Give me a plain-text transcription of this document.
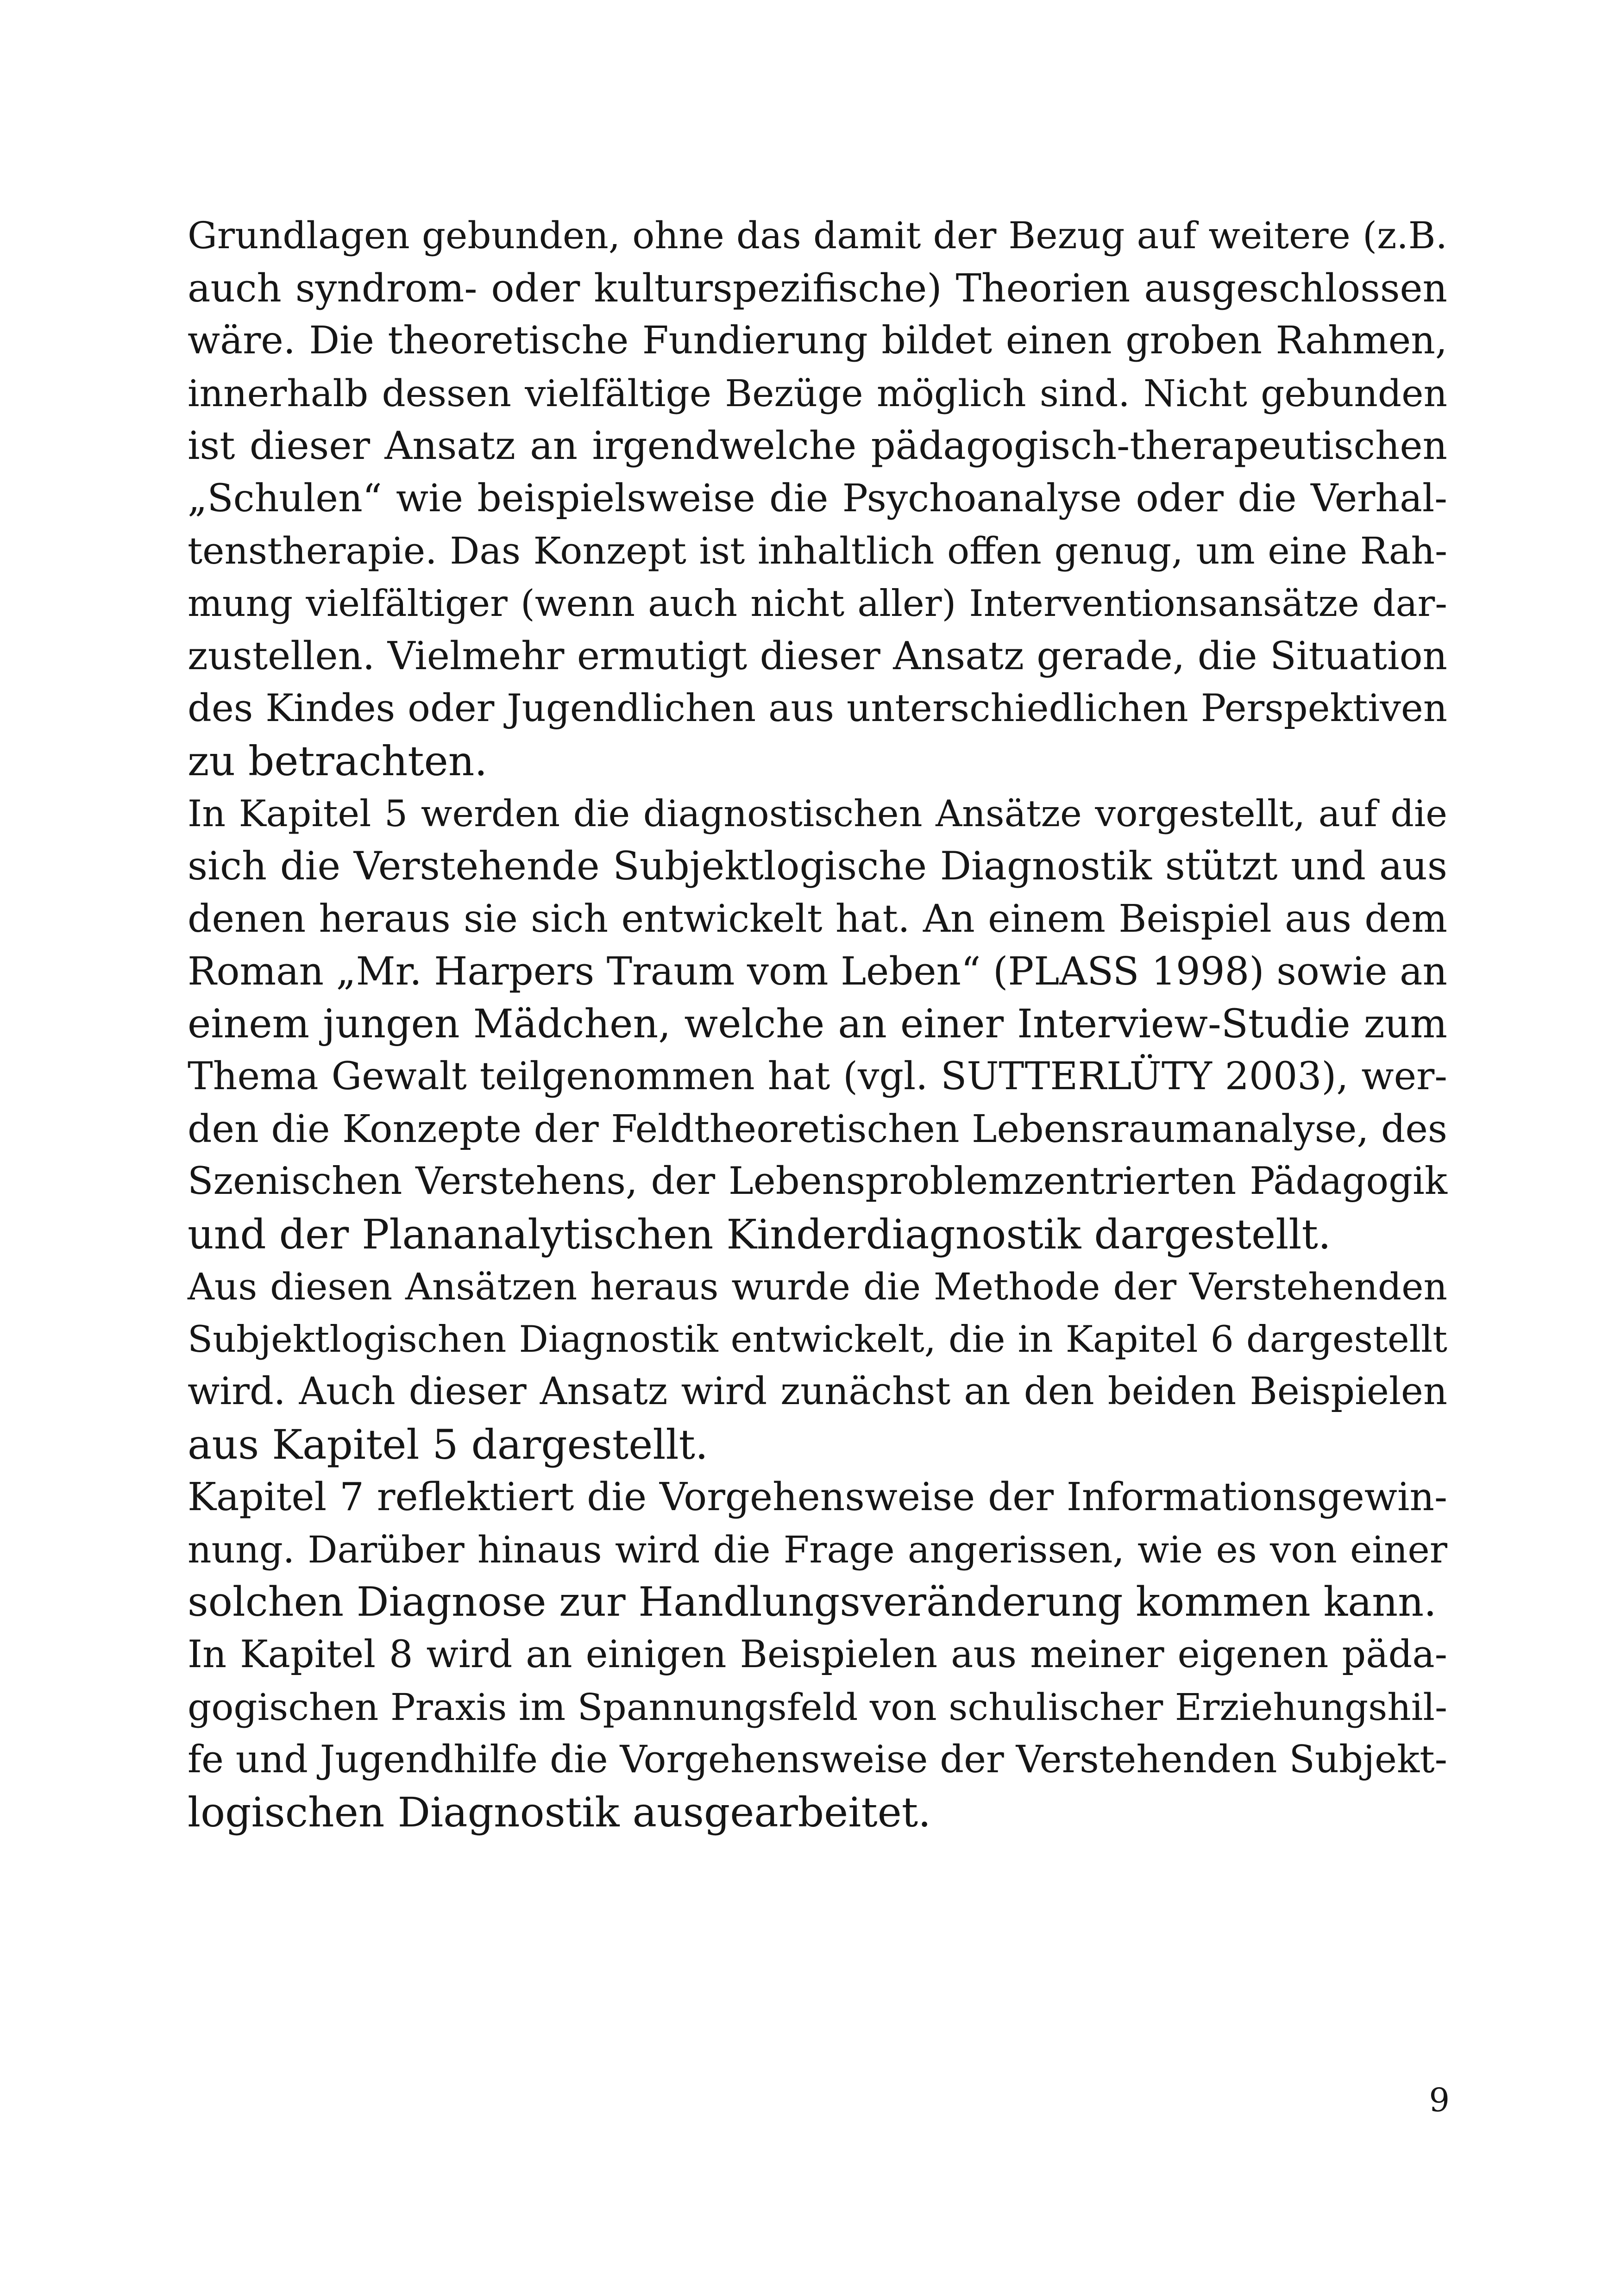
Grundlagen gebunden, ohne das damit der Bezug auf weitere (z.B.
auch syndrom- oder kulturspezifische) Theorien ausgeschlossen
wäre. Die theoretische Fundierung bildet einen groben Rahmen,
innerhalb dessen vielfältige Bezüge möglich sind. Nicht gebunden
ist dieser Ansatz an irgendwelche pädagogisch-therapeutischen
„Schulen“ wie beispielsweise die Psychoanalyse oder die Verhal-
tenstherapie. Das Konzept ist inhaltlich offen genug, um eine Rah-
mung vielfältiger (wenn auch nicht aller) Interventionsansätze dar-
zustellen. Vielmehr ermutigt dieser Ansatz gerade, die Situation
des Kindes oder Jugendlichen aus unterschiedlichen Perspektiven
zu betrachten.

In Kapitel 5 werden die diagnostischen Ansätze vorgestellt, auf die
sich die Verstehende Subjektlogische Diagnostik stützt und aus
denen heraus sie sich entwickelt hat. An einem Beispiel aus dem
Roman „Mr. Harpers Traum vom Leben“ (PLASS 1998) sowie an
einem jungen Mädchen, welche an einer Interview-Studie zum
Thema Gewalt teilgenommen hat (vgl. SUTTERLÜTY 2003), wer-
den die Konzepte der Feldtheoretischen Lebensraumanalyse, des
Szenischen Verstehens, der Lebensproblemzentrierten Pädagogik
und der Plananalytischen Kinderdiagnostik dargestellt.

Aus diesen Ansätzen heraus wurde die Methode der Verstehenden
Subjektlogischen Diagnostik entwickelt, die in Kapitel 6 dargestellt
wird. Auch dieser Ansatz wird zunächst an den beiden Beispielen
aus Kapitel 5 dargestellt.

Kapitel 7 reflektiert die Vorgehensweise der Informationsgewin-
nung. Darüber hinaus wird die Frage angerissen, wie es von einer
solchen Diagnose zur Handlungsveränderung kommen kann.

In Kapitel 8 wird an einigen Beispielen aus meiner eigenen päda-
gogischen Praxis im Spannungsfeld von schulischer Erziehungshil-
fe und Jugendhilfe die Vorgehensweise der Verstehenden Subjekt-
logischen Diagnostik ausgearbeitet.

9
